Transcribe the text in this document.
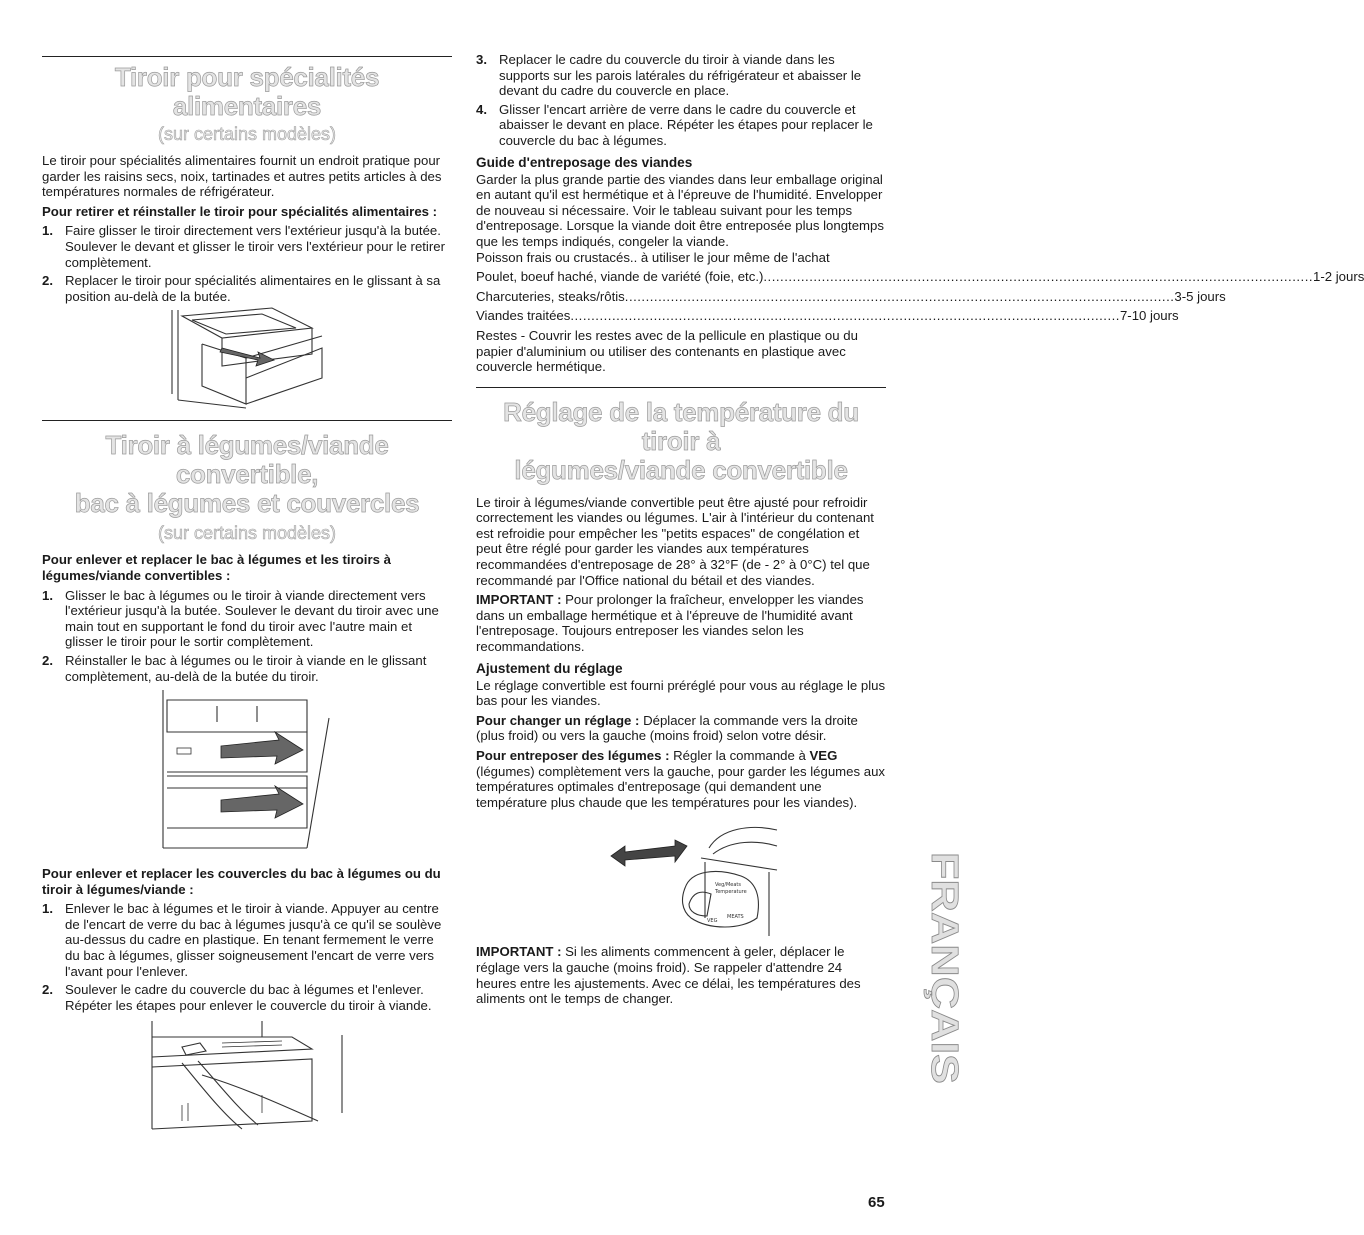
Tiroir pour spécialités alimentaires
(sur certains modèles)

Le tiroir pour spécialités alimentaires fournit un endroit pratique pour garder les raisins secs, noix, tartinades et autres petits articles à des températures normales de réfrigérateur.

Pour retirer et réinstaller le tiroir pour spécialités alimentaires :

1. Faire glisser le tiroir directement vers l'extérieur jusqu'à la butée. Soulever le devant et glisser le tiroir vers l'extérieur pour le retirer complètement.
2. Replacer le tiroir pour spécialités alimentaires en le glissant à sa position au-delà de la butée.
Tiroir à légumes/viande convertible,
bac à légumes et couvercles
(sur certains modèles)

Pour enlever et replacer le bac à légumes et les tiroirs à légumes/viande convertibles :

1. Glisser le bac à légumes ou le tiroir à viande directement vers l'extérieur jusqu'à la butée. Soulever le devant du tiroir avec une main tout en supportant le fond du tiroir avec l'autre main et glisser le tiroir pour le sortir complètement.
2. Réinstaller le bac à légumes ou le tiroir à viande en le glissant complètement, au-delà de la butée du tiroir.

Pour enlever et replacer les couvercles du bac à légumes ou du tiroir à légumes/viande :

1. Enlever le bac à légumes et le tiroir à viande. Appuyer au centre de l'encart de verre du bac à légumes jusqu'à ce qu'il se soulève au-dessus du cadre en plastique. En tenant fermement le verre du bac à légumes, glisser soigneusement l'encart de verre vers l'avant pour l'enlever.
2. Soulever le cadre du couvercle du bac à légumes et l'enlever. Répéter les étapes pour enlever le couvercle du tiroir à viande.
3. Replacer le cadre du couvercle du tiroir à viande dans les supports sur les parois latérales du réfrigérateur et abaisser le devant du cadre du couvercle en place.
4. Glisser l'encart arrière de verre dans le cadre du couvercle et abaisser le devant en place. Répéter les étapes pour replacer le couvercle du bac à légumes.
Guide d'entreposage des viandes

Garder la plus grande partie des viandes dans leur emballage original en autant qu'il est hermétique et à l'épreuve de l'humidité. Envelopper de nouveau si nécessaire. Voir le tableau suivant pour les temps d'entreposage. Lorsque la viande doit être entreposée plus longtemps que les temps indiqués, congeler la viande.

Poisson frais ou crustacés.. à utiliser le jour même de l'achat

Poulet, boeuf haché, viande de variété (foie, etc.) .....	1-2 jours
Charcuteries, steaks/rôtis .....	3-5 jours
Viandes traitées .....	7-10 jours

Restes - Couvrir les restes avec de la pellicule en plastique ou du papier d'aluminium ou utiliser des contenants en plastique avec couvercle hermétique.

Réglage de la température du tiroir à
légumes/viande convertible

Le tiroir à légumes/viande convertible peut être ajusté pour refroidir correctement les viandes ou légumes. L'air à l'intérieur du contenant est refroidie pour empêcher les "petits espaces" de congélation et peut être réglé pour garder les viandes aux températures recommandées d'entreposage de 28° à 32°F (de - 2° à 0°C) tel que recommandé par l'Office national du bétail et des viandes.

IMPORTANT : Pour prolonger la fraîcheur, envelopper les viandes dans un emballage hermétique et à l'épreuve de l'humidité avant l'entreposage. Toujours entreposer les viandes selon les recommandations.

Ajustement du réglage

Le réglage convertible est fourni préréglé pour vous au réglage le plus bas pour les viandes.

Pour changer un réglage : Déplacer la commande vers la droite (plus froid) ou vers la gauche (moins froid) selon votre désir.

Pour entreposer des légumes : Régler la commande à VEG (légumes) complètement vers la gauche, pour garder les légumes aux températures optimales d'entreposage (qui demandent une température plus chaude que les températures pour les viandes).

Veg/Meats
Temperature
VEG
MEATS

IMPORTANT : Si les aliments commencent à geler, déplacer le réglage vers la gauche (moins froid). Se rappeler d'attendre 24 heures entre les ajustements. Avec ce délai, les températures des aliments ont le temps de changer.	FRANÇAIS
65
